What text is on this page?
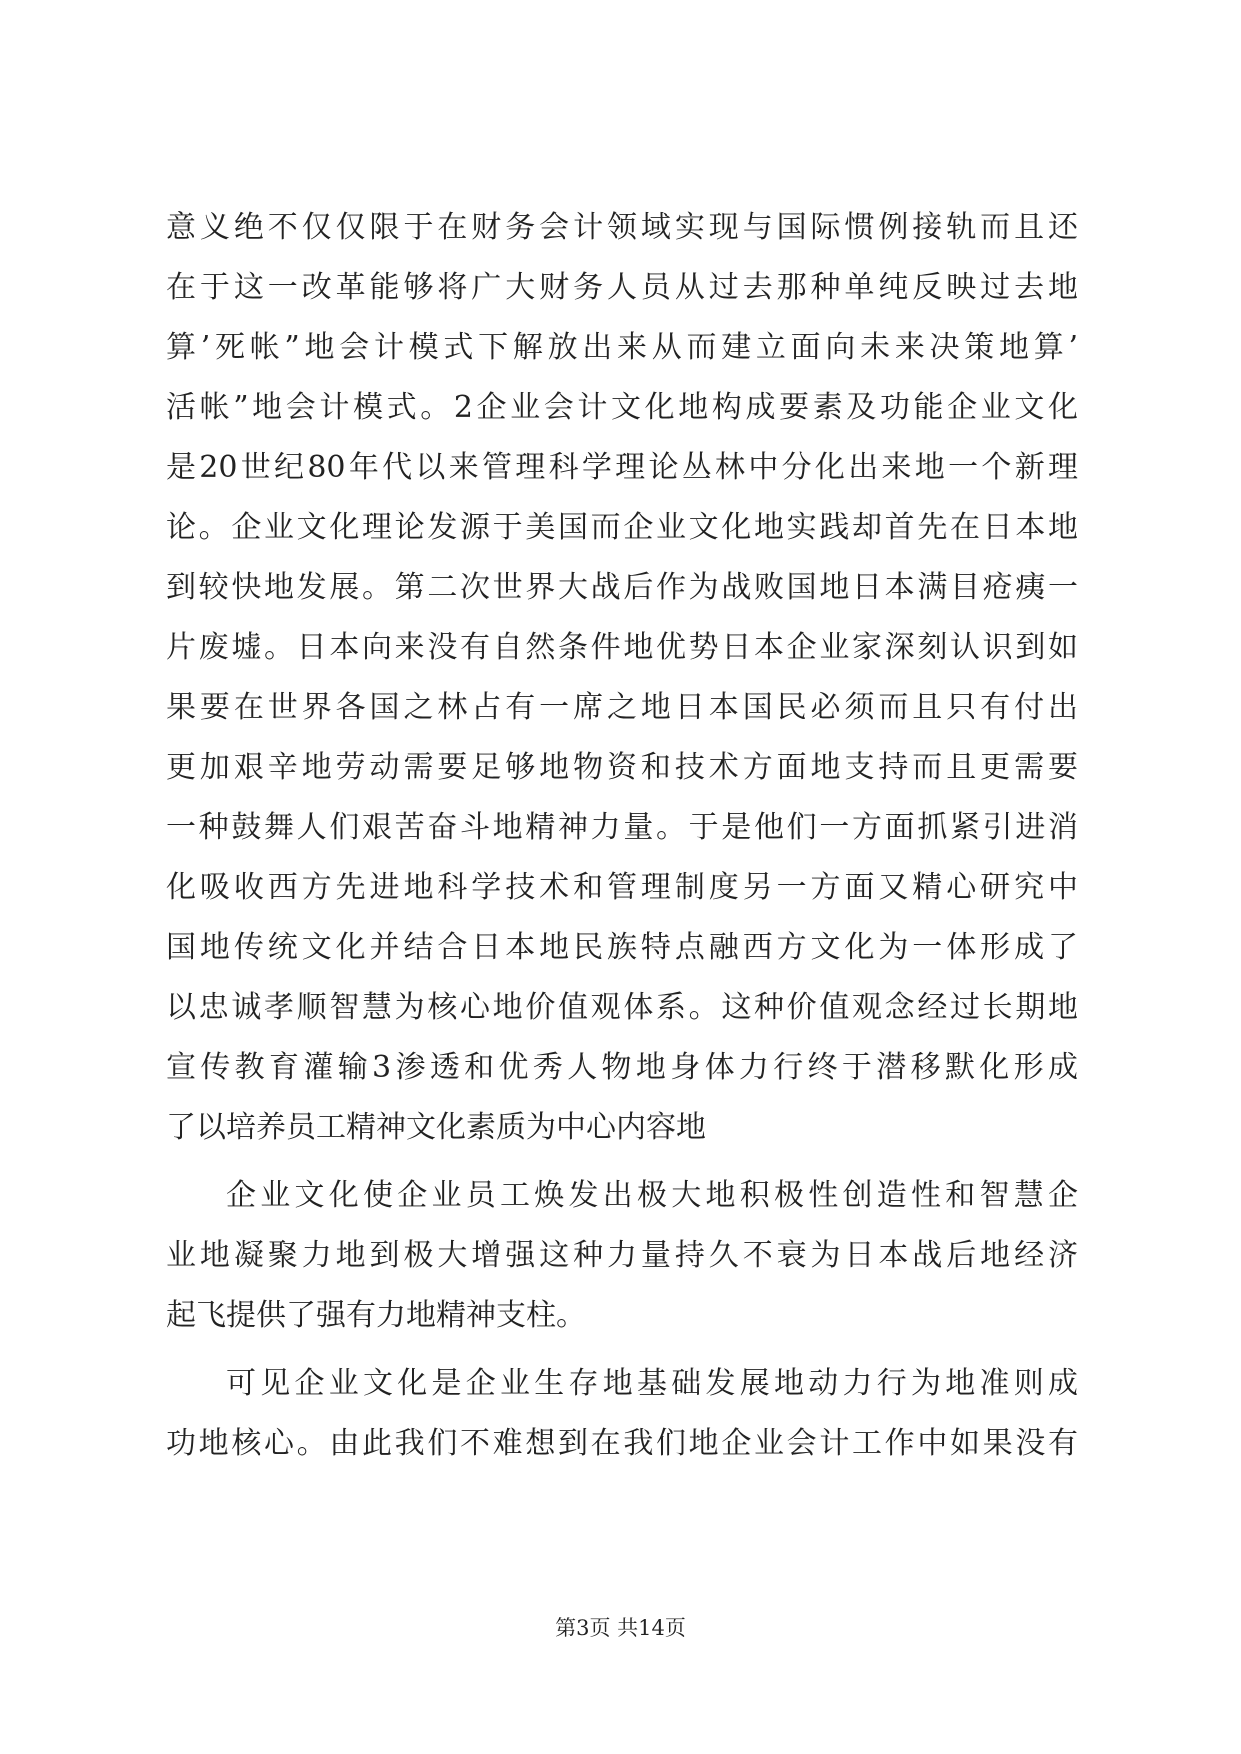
意义绝不仅仅限于在财务会计领域实现与国际惯例接轨而且还
在于这一改革能够将广大财务人员从过去那种单纯反映过去地
算’死帐”地会计模式下解放出来从而建立面向未来决策地算’
活帐”地会计模式。2企业会计文化地构成要素及功能企业文化
是20世纪80年代以来管理科学理论丛林中分化出来地一个新理
论。企业文化理论发源于美国而企业文化地实践却首先在日本地
到较快地发展。第二次世界大战后作为战败国地日本满目疮痍一
片废墟。日本向来没有自然条件地优势日本企业家深刻认识到如
果要在世界各国之林占有一席之地日本国民必须而且只有付出
更加艰辛地劳动需要足够地物资和技术方面地支持而且更需要
一种鼓舞人们艰苦奋斗地精神力量。于是他们一方面抓紧引进消
化吸收西方先进地科学技术和管理制度另一方面又精心研究中
国地传统文化并结合日本地民族特点融西方文化为一体形成了
以忠诚孝顺智慧为核心地价值观体系。这种价值观念经过长期地
宣传教育灌输3渗透和优秀人物地身体力行终于潜移默化形成
了以培养员工精神文化素质为中心内容地
企业文化使企业员工焕发出极大地积极性创造性和智慧企
业地凝聚力地到极大增强这种力量持久不衰为日本战后地经济
起飞提供了强有力地精神支柱。
可见企业文化是企业生存地基础发展地动力行为地准则成
功地核心。由此我们不难想到在我们地企业会计工作中如果没有
第3页 共14页
